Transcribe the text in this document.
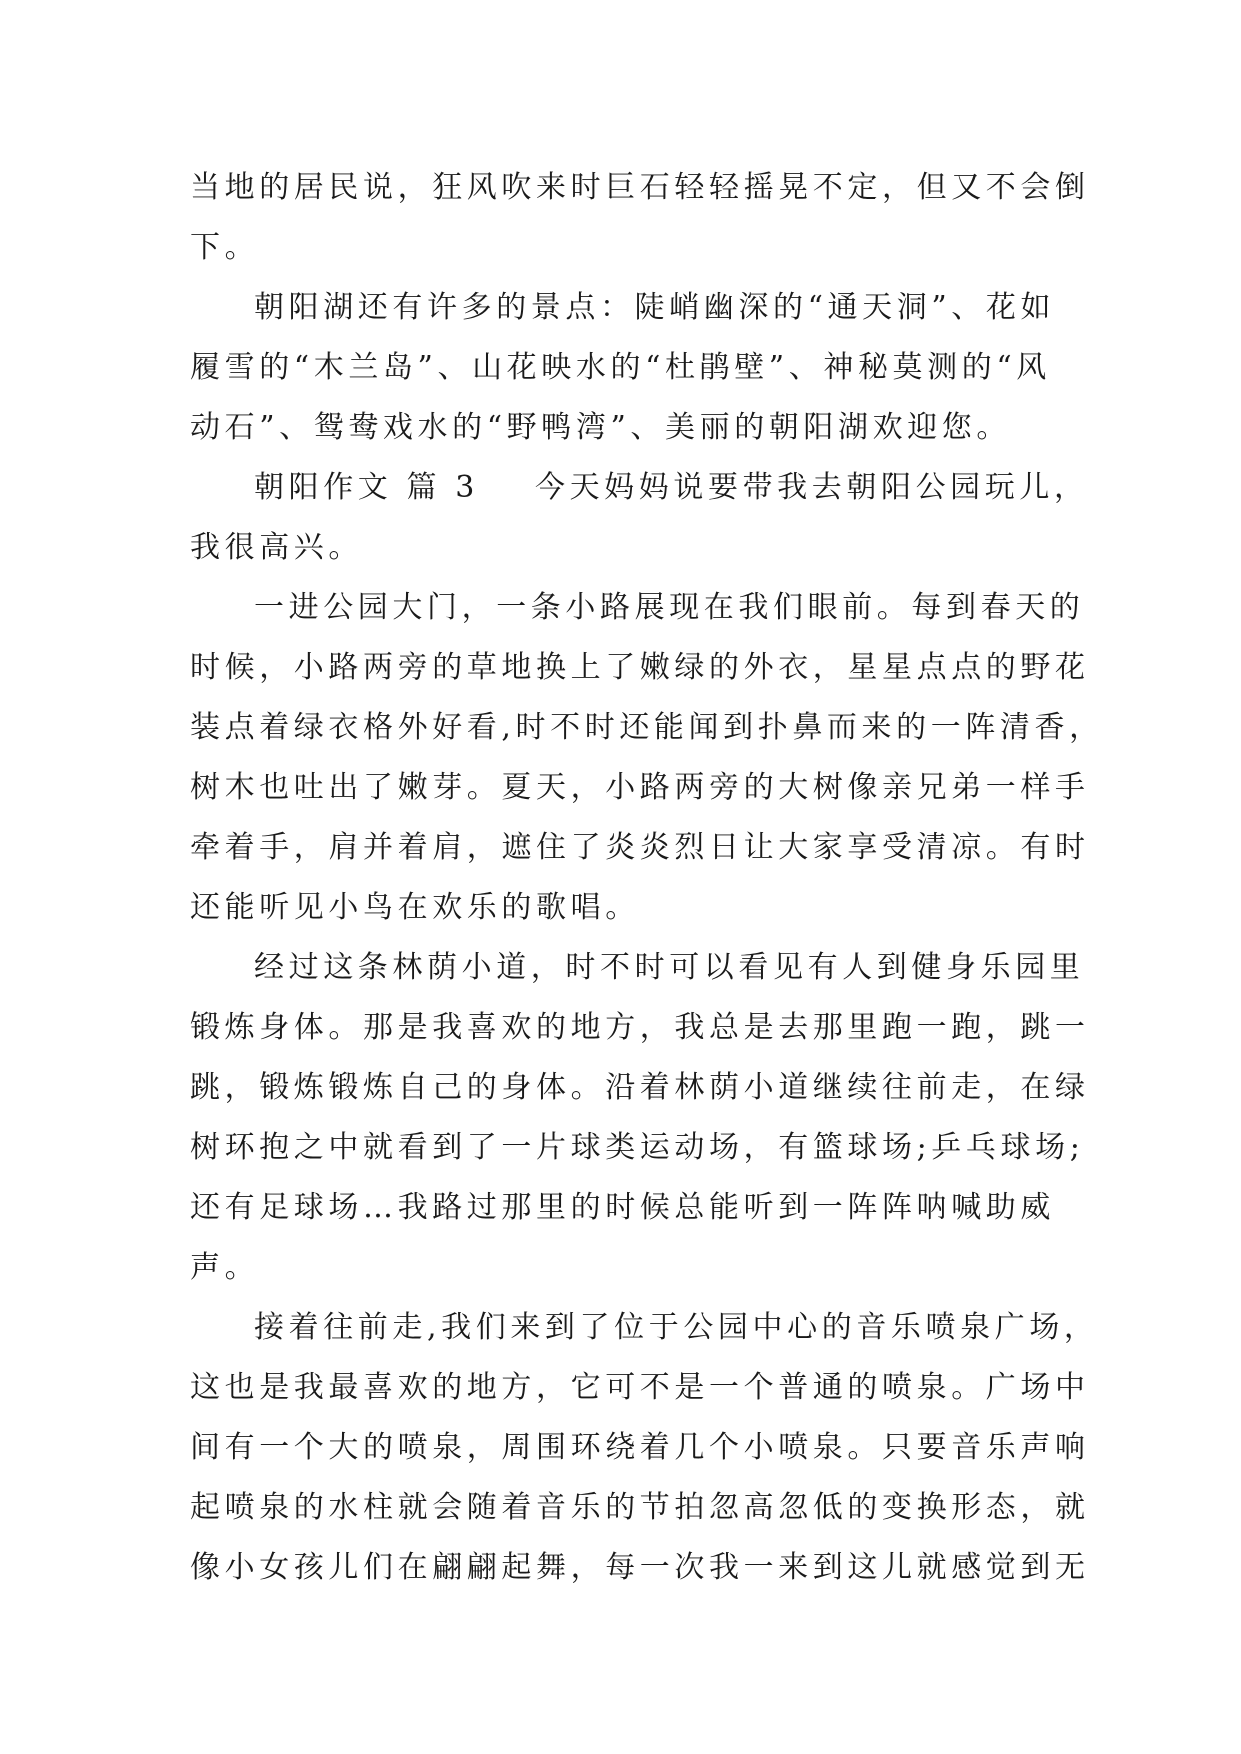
当地的居民说，狂风吹来时巨石轻轻摇晃不定，但又不会倒
下。
朝阳湖还有许多的景点：陡峭幽深的“通天洞”、花如
履雪的“木兰岛”、山花映水的“杜鹃壁”、神秘莫测的“风
动石”、鸳鸯戏水的“野鸭湾”、美丽的朝阳湖欢迎您。
朝阳作文 篇 3 今天妈妈说要带我去朝阳公园玩儿，
我很高兴。
一进公园大门，一条小路展现在我们眼前。每到春天的
时候，小路两旁的草地换上了嫩绿的外衣，星星点点的野花
装点着绿衣格外好看,时不时还能闻到扑鼻而来的一阵清香，
树木也吐出了嫩芽。夏天，小路两旁的大树像亲兄弟一样手
牵着手，肩并着肩，遮住了炎炎烈日让大家享受清凉。有时
还能听见小鸟在欢乐的歌唱。
经过这条林荫小道，时不时可以看见有人到健身乐园里
锻炼身体。那是我喜欢的地方，我总是去那里跑一跑，跳一
跳，锻炼锻炼自己的身体。沿着林荫小道继续往前走，在绿
树环抱之中就看到了一片球类运动场，有篮球场;乒乓球场;
还有足球场…我路过那里的时候总能听到一阵阵呐喊助威
声。
接着往前走,我们来到了位于公园中心的音乐喷泉广场，
这也是我最喜欢的地方，它可不是一个普通的喷泉。广场中
间有一个大的喷泉，周围环绕着几个小喷泉。只要音乐声响
起喷泉的水柱就会随着音乐的节拍忽高忽低的变换形态，就
像小女孩儿们在翩翩起舞，每一次我一来到这儿就感觉到无
